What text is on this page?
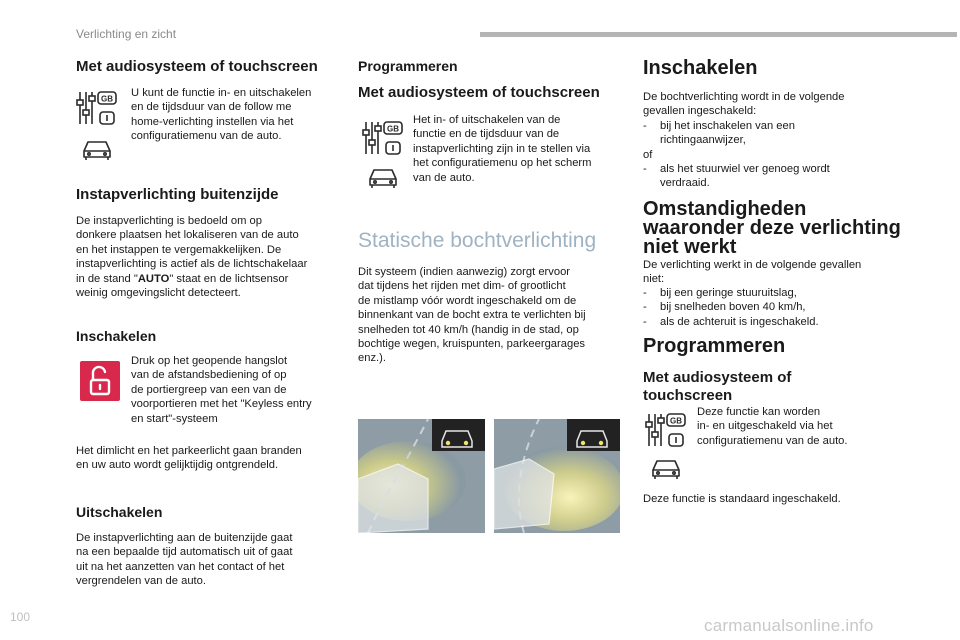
Verlichting en zicht
Met audiosysteem of touchscreen
GB U kunt de functie in- en uitschakelen
en de tijdsduur van de follow me
home-verlichting instellen via het
configuratiemenu van de auto.

Instapverlichting buitenzijde

De instapverlichting is bedoeld om op
donkere plaatsen het lokaliseren van de auto
en het instappen te vergemakkelijken. De
instapverlichting is actief als de lichtschakelaar
in de stand "AUTO" staat en de lichtsensor
weinig omgevingslicht detecteert.

Inschakelen

Druk op het geopende hangslot
van de afstandsbediening of op
de portiergreep van een van de
voorportieren met het "Keyless entry
en start"-systeem

Het dimlicht en het parkeerlicht gaan branden
en uw auto wordt gelijktijdig ontgrendeld.

Uitschakelen

De instapverlichting aan de buitenzijde gaat
na een bepaalde tijd automatisch uit of gaat
uit na het aanzetten van het contact of het
vergrendelen van de auto.

Programmeren
Met audiosysteem of touchscreen
GB

Het in- of uitschakelen van de
functie en de tijdsduur van de
instapverlichting zijn in te stellen via
het configuratiemenu op het scherm
van de auto.

Statische bochtverlichting

Dit systeem (indien aanwezig) zorgt ervoor
dat tijdens het rijden met dim- of grootlicht
de mistlamp vóór wordt ingeschakeld om de
binnenkant van de bocht extra te verlichten bij
snelheden tot 40 km/h (handig in de stad, op
bochtige wegen, kruispunten, parkeergarages
enz.).

Inschakelen

De bochtverlichting wordt in de volgende
gevallen ingeschakeld:

- bij het inschakelen van een
richtingaanwijzer,

of

- als het stuurwiel ver genoeg wordt
verdraaid.
Omstandigheden
waaronder deze verlichting
niet werkt

De verlichting werkt in de volgende gevallen
niet:

- bij een geringe stuuruitslag,
- bij snelheden boven 40 km/h,
- als de achteruit is ingeschakeld.
Programmeren
Met audiosysteem of
touchscreen
GB

Deze functie kan worden
in- en uitgeschakeld via het
configuratiemenu van de auto.

Deze functie is standaard ingeschakeld.

100	carmanualsonline.info
